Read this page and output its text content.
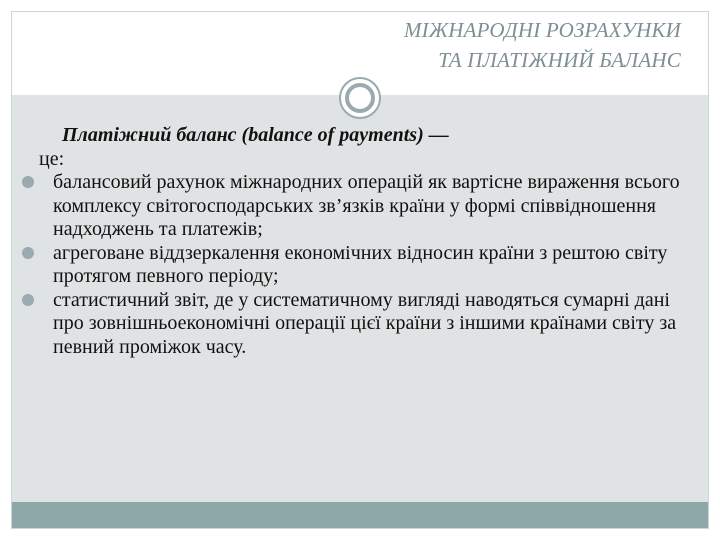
МІЖНАРОДНІ РОЗРАХУНКИ
ТА ПЛАТІЖНИЙ БАЛАНС
Платіжний баланс (balance of payments) —
це:
балансовий рахунок міжнародних операцій як вартісне вираження всього комплексу світогосподарських зв’язків країни у формі співвідношення надходжень та платежів;
агреговане віддзеркалення економічних відносин країни з рештою світу протягом певного періоду;
статистичний звіт, де у систематичному вигляді наводяться сумарні дані про зовнішньоекономічні операції цієї країни з іншими країнами світу за певний проміжок часу.
